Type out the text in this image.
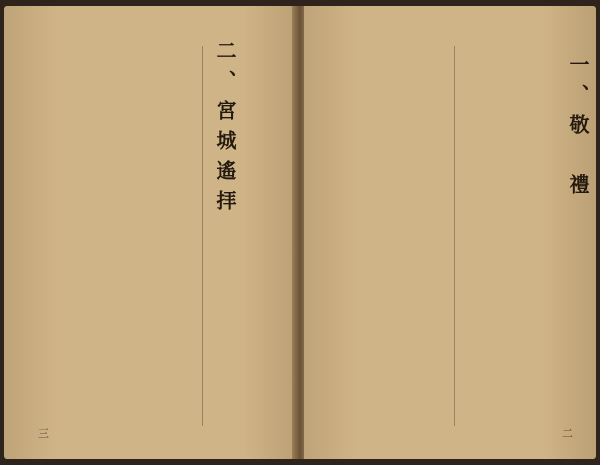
二、宮城遙拝
三
一、敬　禮
二
